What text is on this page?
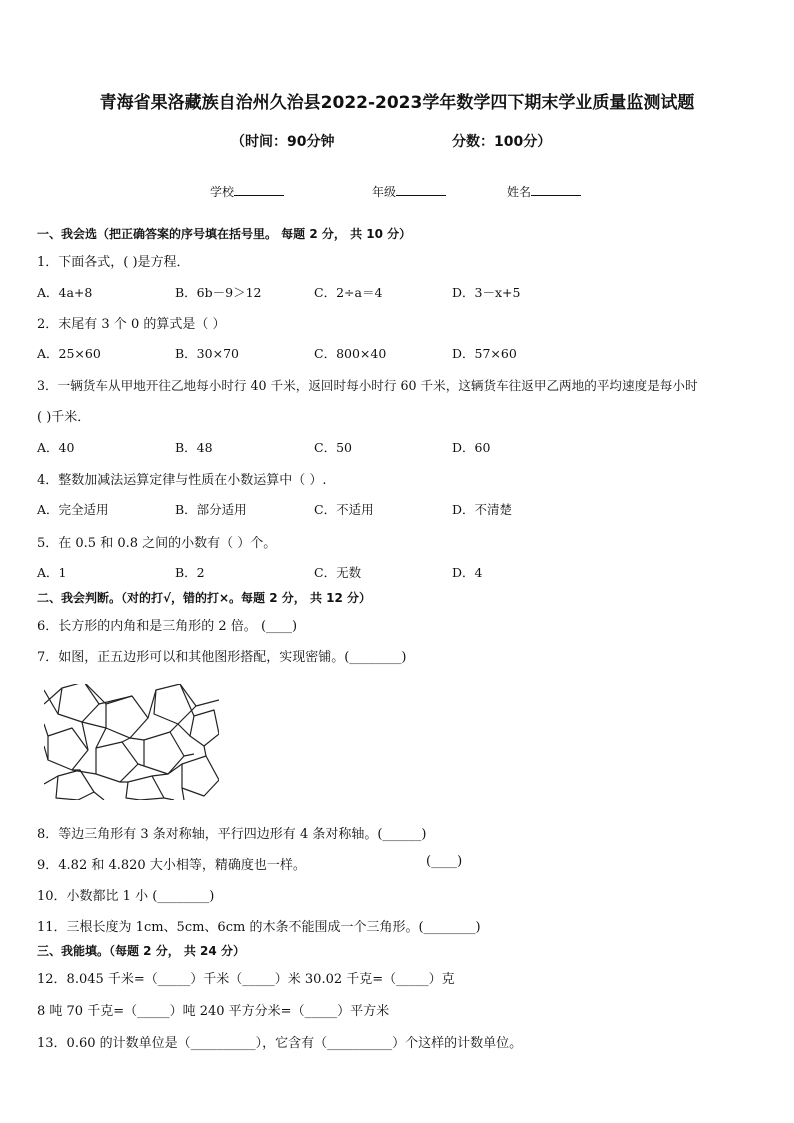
青海省果洛藏族自治州久治县2022-2023学年数学四下期末学业质量监测试题
（时间：90分钟	分数：100分）
学校	年级	姓名
一、我会选（把正确答案的序号填在括号里。 每题 2 分， 共 10 分）
1．下面各式，( )是方程．
A．4a+8	B．6b－9＞12	C．2÷a＝4	D．3－x+5
2．末尾有 3 个 0 的算式是（ ）
A．25×60	B．30×70	C．800×40	D．57×60
3．一辆货车从甲地开往乙地每小时行 40 千米，返回时每小时行 60 千米，这辆货车往返甲乙两地的平均速度是每小时
( )千米．
A．40	B．48	C．50	D．60
4．整数加减法运算定律与性质在小数运算中（ ）.
A．完全适用	B．部分适用	C．不适用	D．不清楚
5．在 0.5 和 0.8 之间的小数有（ ）个。
A．1	B．2	C．无数	D．4
二、我会判断。（对的打√，错的打×。每题 2 分， 共 12 分）
6．长方形的内角和是三角形的 2 倍。 (____)
7．如图，正五边形可以和其他图形搭配，实现密铺。(________)
8．等边三角形有 3 条对称轴，平行四边形有 4 条对称轴。(______)
9．4.82 和 4.820 大小相等，精确度也一样。	(____)
10．小数都比 1 小 (________)
11．三根长度为 1cm、5cm、6cm 的木条不能围成一个三角形。(________)
三、我能填。（每题 2 分， 共 24 分）
12．8.045 千米=（_____）千米（_____）米 30.02 千克=（_____）克
8 吨 70 千克=（_____）吨 240 平方分米=（_____）平方米
13．0.60 的计数单位是（__________），它含有（__________）个这样的计数单位。
